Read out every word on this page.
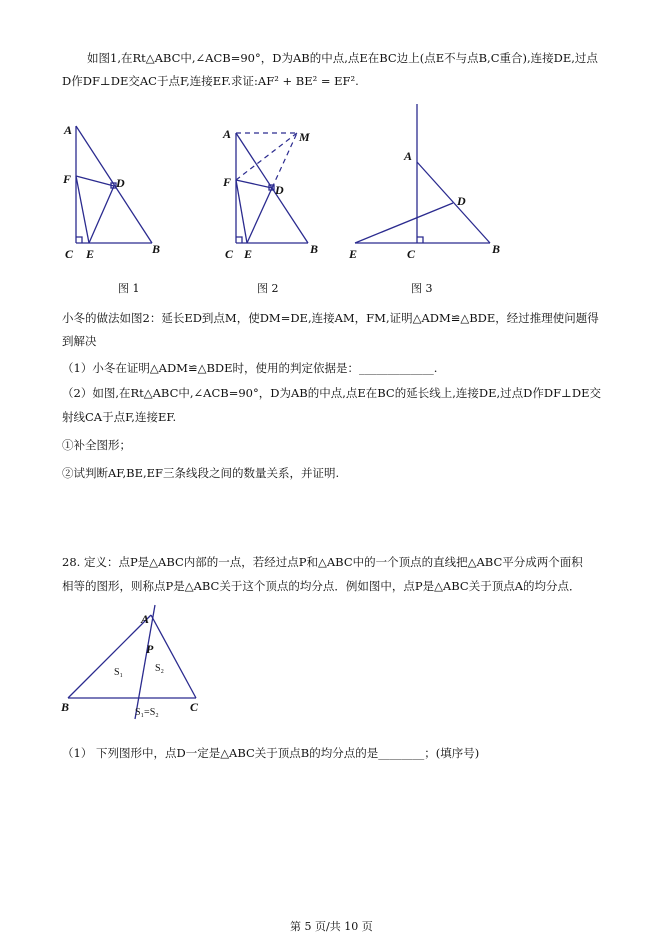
如图1,在Rt△ABC中,∠ACB=90°，D为AB的中点,点E在BC边上(点E不与点B,C重合),连接DE,过点
D作DF⊥DE交AC于点F,连接EF.求证:AF² + BE² = EF².
A
F	D
C E	B
图 1
A	M
F
D
C E	B
图 2
A
D
E	C	B
图 3
小冬的做法如图2：延长ED到点M，使DM=DE,连接AM，FM,证明△ADM≌△BDE，经过推理使问题得
到解决
（1）小冬在证明△ADM≌△BDE时，使用的判定依据是：_____________.
（2）如图,在Rt△ABC中,∠ACB=90°，D为AB的中点,点E在BC的延长线上,连接DE,过点D作DF⊥DE交
射线CA于点F,连接EF.
①补全图形；
②试判断AF,BE,EF三条线段之间的数量关系，并证明.
28. 定义：点P是△ABC内部的一点，若经过点P和△ABC中的一个顶点的直线把△ABC平分成两个面积
相等的图形，则称点P是△ABC关于这个顶点的均分点．例如图中，点P是△ABC关于顶点A的均分点．
A
P
B	C
S₁	S₂
S₁=S₂
（1） 下列图形中，点D一定是△ABC关于顶点B的均分点的是________；(填序号)
第 5 页/共 10 页
